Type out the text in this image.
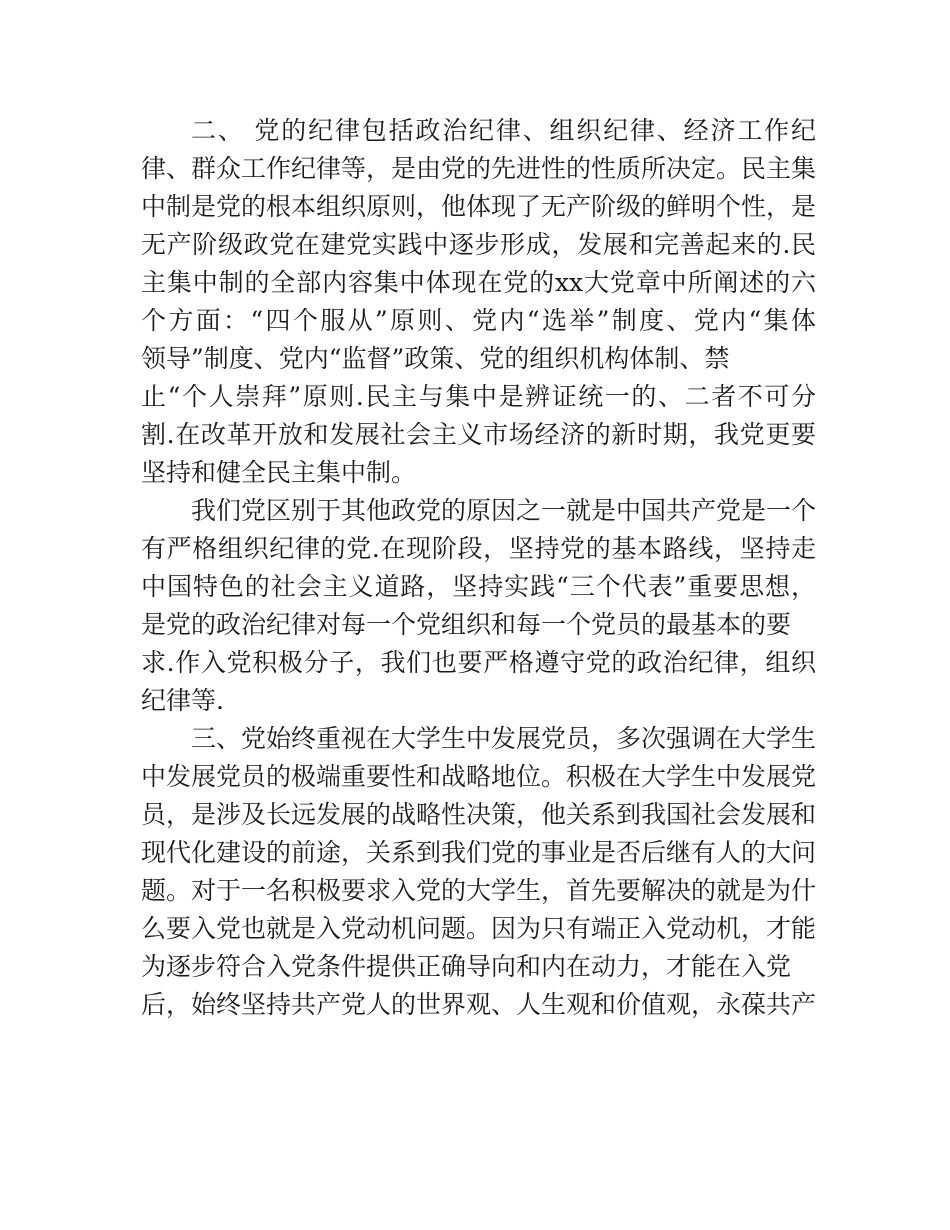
二、 党的纪律包括政治纪律、组织纪律、经济工作纪
律、群众工作纪律等，是由党的先进性的性质所决定。民主集
中制是党的根本组织原则，他体现了无产阶级的鲜明个性，是
无产阶级政党在建党实践中逐步形成，发展和完善起来的.民
主集中制的全部内容集中体现在党的xx大党章中所阐述的六
个方面：“四个服从”原则、党内“选举”制度、党内“集体
领导”制度、党内“监督”政策、党的组织机构体制、禁
止“个人崇拜”原则.民主与集中是辨证统一的、二者不可分
割.在改革开放和发展社会主义市场经济的新时期，我党更要
坚持和健全民主集中制。
我们党区别于其他政党的原因之一就是中国共产党是一个
有严格组织纪律的党.在现阶段，坚持党的基本路线，坚持走
中国特色的社会主义道路，坚持实践“三个代表”重要思想，
是党的政治纪律对每一个党组织和每一个党员的最基本的要
求.作入党积极分子，我们也要严格遵守党的政治纪律，组织
纪律等.
三、党始终重视在大学生中发展党员，多次强调在大学生
中发展党员的极端重要性和战略地位。积极在大学生中发展党
员，是涉及长远发展的战略性决策，他关系到我国社会发展和
现代化建设的前途，关系到我们党的事业是否后继有人的大问
题。对于一名积极要求入党的大学生，首先要解决的就是为什
么要入党也就是入党动机问题。因为只有端正入党动机，才能
为逐步符合入党条件提供正确导向和内在动力，才能在入党
后，始终坚持共产党人的世界观、人生观和价值观，永葆共产
